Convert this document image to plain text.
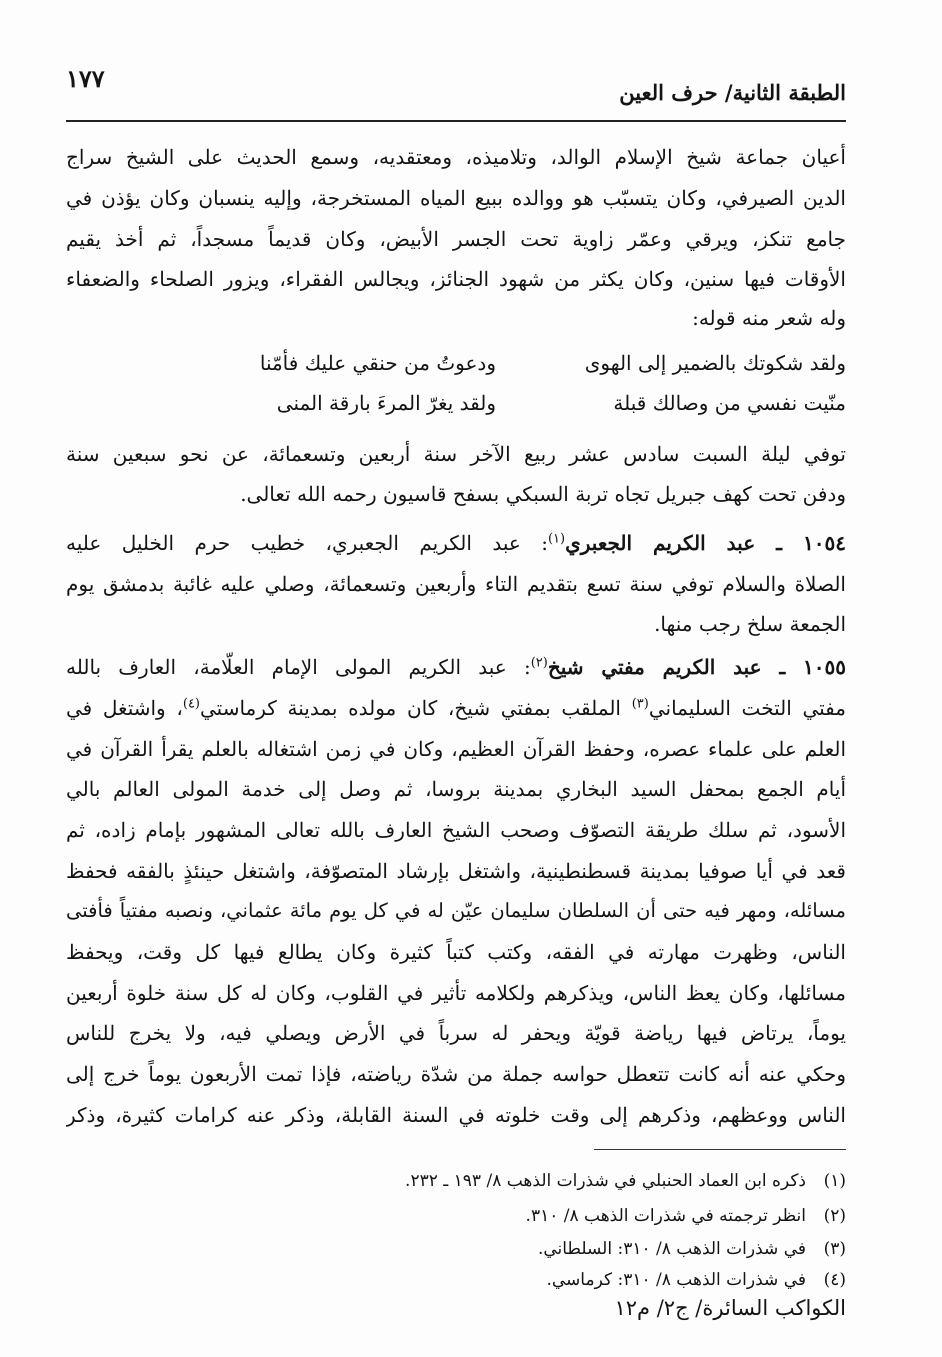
الطبقة الثانية/ حرف العين
١٧٧
أعيان جماعة شيخ الإسلام الوالد، وتلاميذه، ومعتقديه، وسمع الحديث على الشيخ سراج
الدين الصيرفي، وكان يتسبّب هو ووالده ببيع المياه المستخرجة، وإليه ينسبان وكان يؤذن في
جامع تنكز، ويرقي وعمّر زاوية تحت الجسر الأبيض، وكان قديماً مسجداً، ثم أخذ يقيم
الأوقات فيها سنين، وكان يكثر من شهود الجنائز، ويجالس الفقراء، ويزور الصلحاء والضعفاء
وله شعر منه قوله:
ولقد شكوتك بالضمير إلى الهوى
ودعوتُ من حنقي عليك فأمّنا
منّيت نفسي من وصالك قبلة
ولقد يغرّ المرءَ بارقة المنى
توفي ليلة السبت سادس عشر ربيع الآخر سنة أربعين وتسعمائة، عن نحو سبعين سنة
ودفن تحت كهف جبريل تجاه تربة السبكي بسفح قاسيون رحمه الله تعالى.
١٠٥٤ ـ عبد الكريم الجعبري$^{(١)}$: عبد الكريم الجعبري، خطيب حرم الخليل عليه
الصلاة والسلام توفي سنة تسع بتقديم التاء وأربعين وتسعمائة، وصلي عليه غائبة بدمشق يوم
الجمعة سلخ رجب منها.
١٠٥٥ ـ عبد الكريم مفتي شيخ$^{(٢)}$: عبد الكريم المولى الإمام العلّامة، العارف بالله
مفتي التخت السليماني$^{(٣)}$ الملقب بمفتي شيخ، كان مولده بمدينة كرماستي$^{(٤)}$، واشتغل في
العلم على علماء عصره، وحفظ القرآن العظيم، وكان في زمن اشتغاله بالعلم يقرأ القرآن في
أيام الجمع بمحفل السيد البخاري بمدينة بروسا، ثم وصل إلى خدمة المولى العالم بالي
الأسود، ثم سلك طريقة التصوّف وصحب الشيخ العارف بالله تعالى المشهور بإمام زاده، ثم
قعد في أيا صوفيا بمدينة قسطنطينية، واشتغل بإرشاد المتصوّفة، واشتغل حينئذٍ بالفقه فحفظ
مسائله، ومهر فيه حتى أن السلطان سليمان عيّن له في كل يوم مائة عثماني، ونصبه مفتياً فأفتى
الناس، وظهرت مهارته في الفقه، وكتب كتباً كثيرة وكان يطالع فيها كل وقت، ويحفظ
مسائلها، وكان يعظ الناس، ويذكرهم ولكلامه تأثير في القلوب، وكان له كل سنة خلوة أربعين
يوماً، يرتاض فيها رياضة قويّة ويحفر له سرباً في الأرض ويصلي فيه، ولا يخرج للناس
وحكي عنه أنه كانت تتعطل حواسه جملة من شدّة رياضته، فإذا تمت الأربعون يوماً خرج إلى
الناس ووعظهم، وذكرهم إلى وقت خلوته في السنة القابلة، وذكر عنه كرامات كثيرة، وذكر
(١)ذكره ابن العماد الحنبلي في شذرات الذهب ٨/ ١٩٣ ـ ٢٣٢.
(٢)انظر ترجمته في شذرات الذهب ٨/ ٣١٠.
(٣)في شذرات الذهب ٨/ ٣١٠: السلطاني.
(٤)في شذرات الذهب ٨/ ٣١٠: كرماسي.
الكواكب السائرة/ ج٢/ م١٢
